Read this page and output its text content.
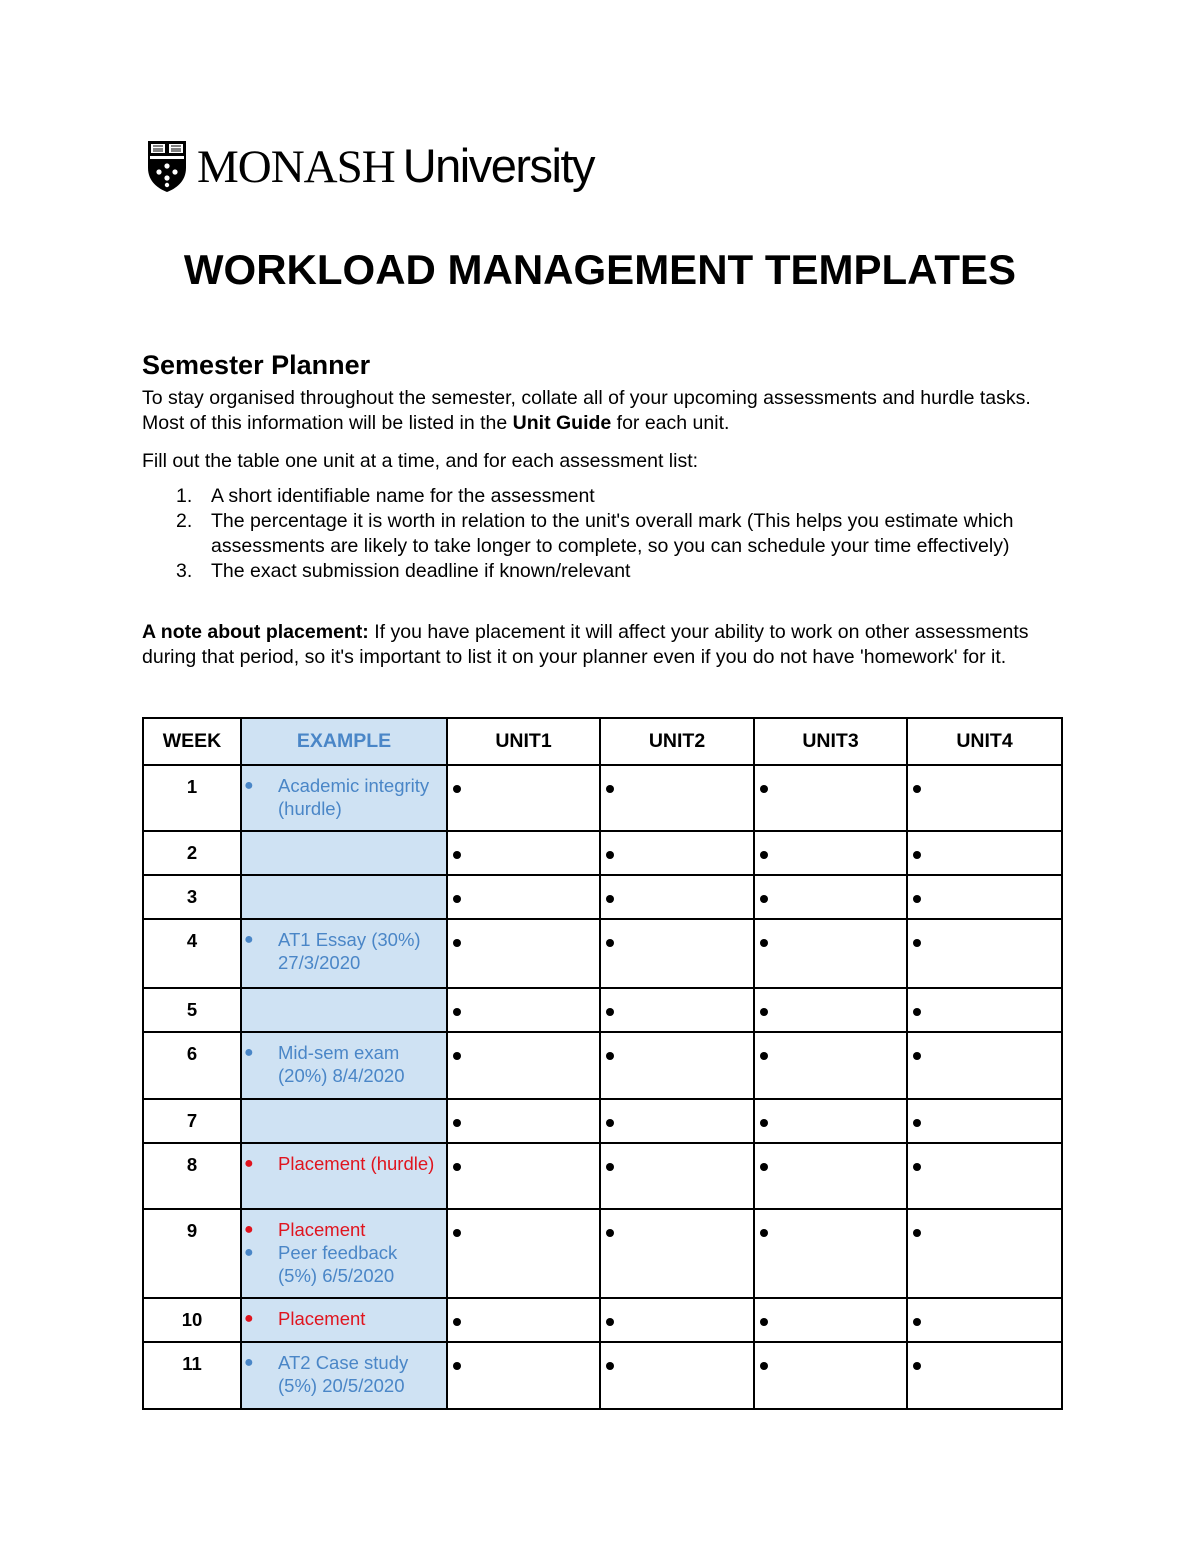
MONASH University
WORKLOAD MANAGEMENT TEMPLATES
Semester Planner

To stay organised throughout the semester, collate all of your upcoming assessments and hurdle tasks. Most of this information will be listed in the Unit Guide for each unit.

Fill out the table one unit at a time, and for each assessment list:

1. A short identifiable name for the assessment
2. The percentage it is worth in relation to the unit's overall mark (This helps you estimate which assessments are likely to take longer to complete, so you can schedule your time effectively)
3. The exact submission deadline if known/relevant

A note about placement: If you have placement it will affect your ability to work on other assessments during that period, so it's important to list it on your planner even if you do not have 'homework' for it.

WEEK	EXAMPLE	UNIT1	UNIT2	UNIT3	UNIT4
1	● Academic integrity (hurdle)				

2		

3		

4	● AT1 Essay (30%) 27/3/2020				

5		

6	● Mid-sem exam (20%) 8/4/2020				

7		

8	● Placement (hurdle)				

9	● Placement
● Peer feedback (5%) 6/5/2020				

10	● Placement				

11	● AT2 Case study (5%) 20/5/2020				
